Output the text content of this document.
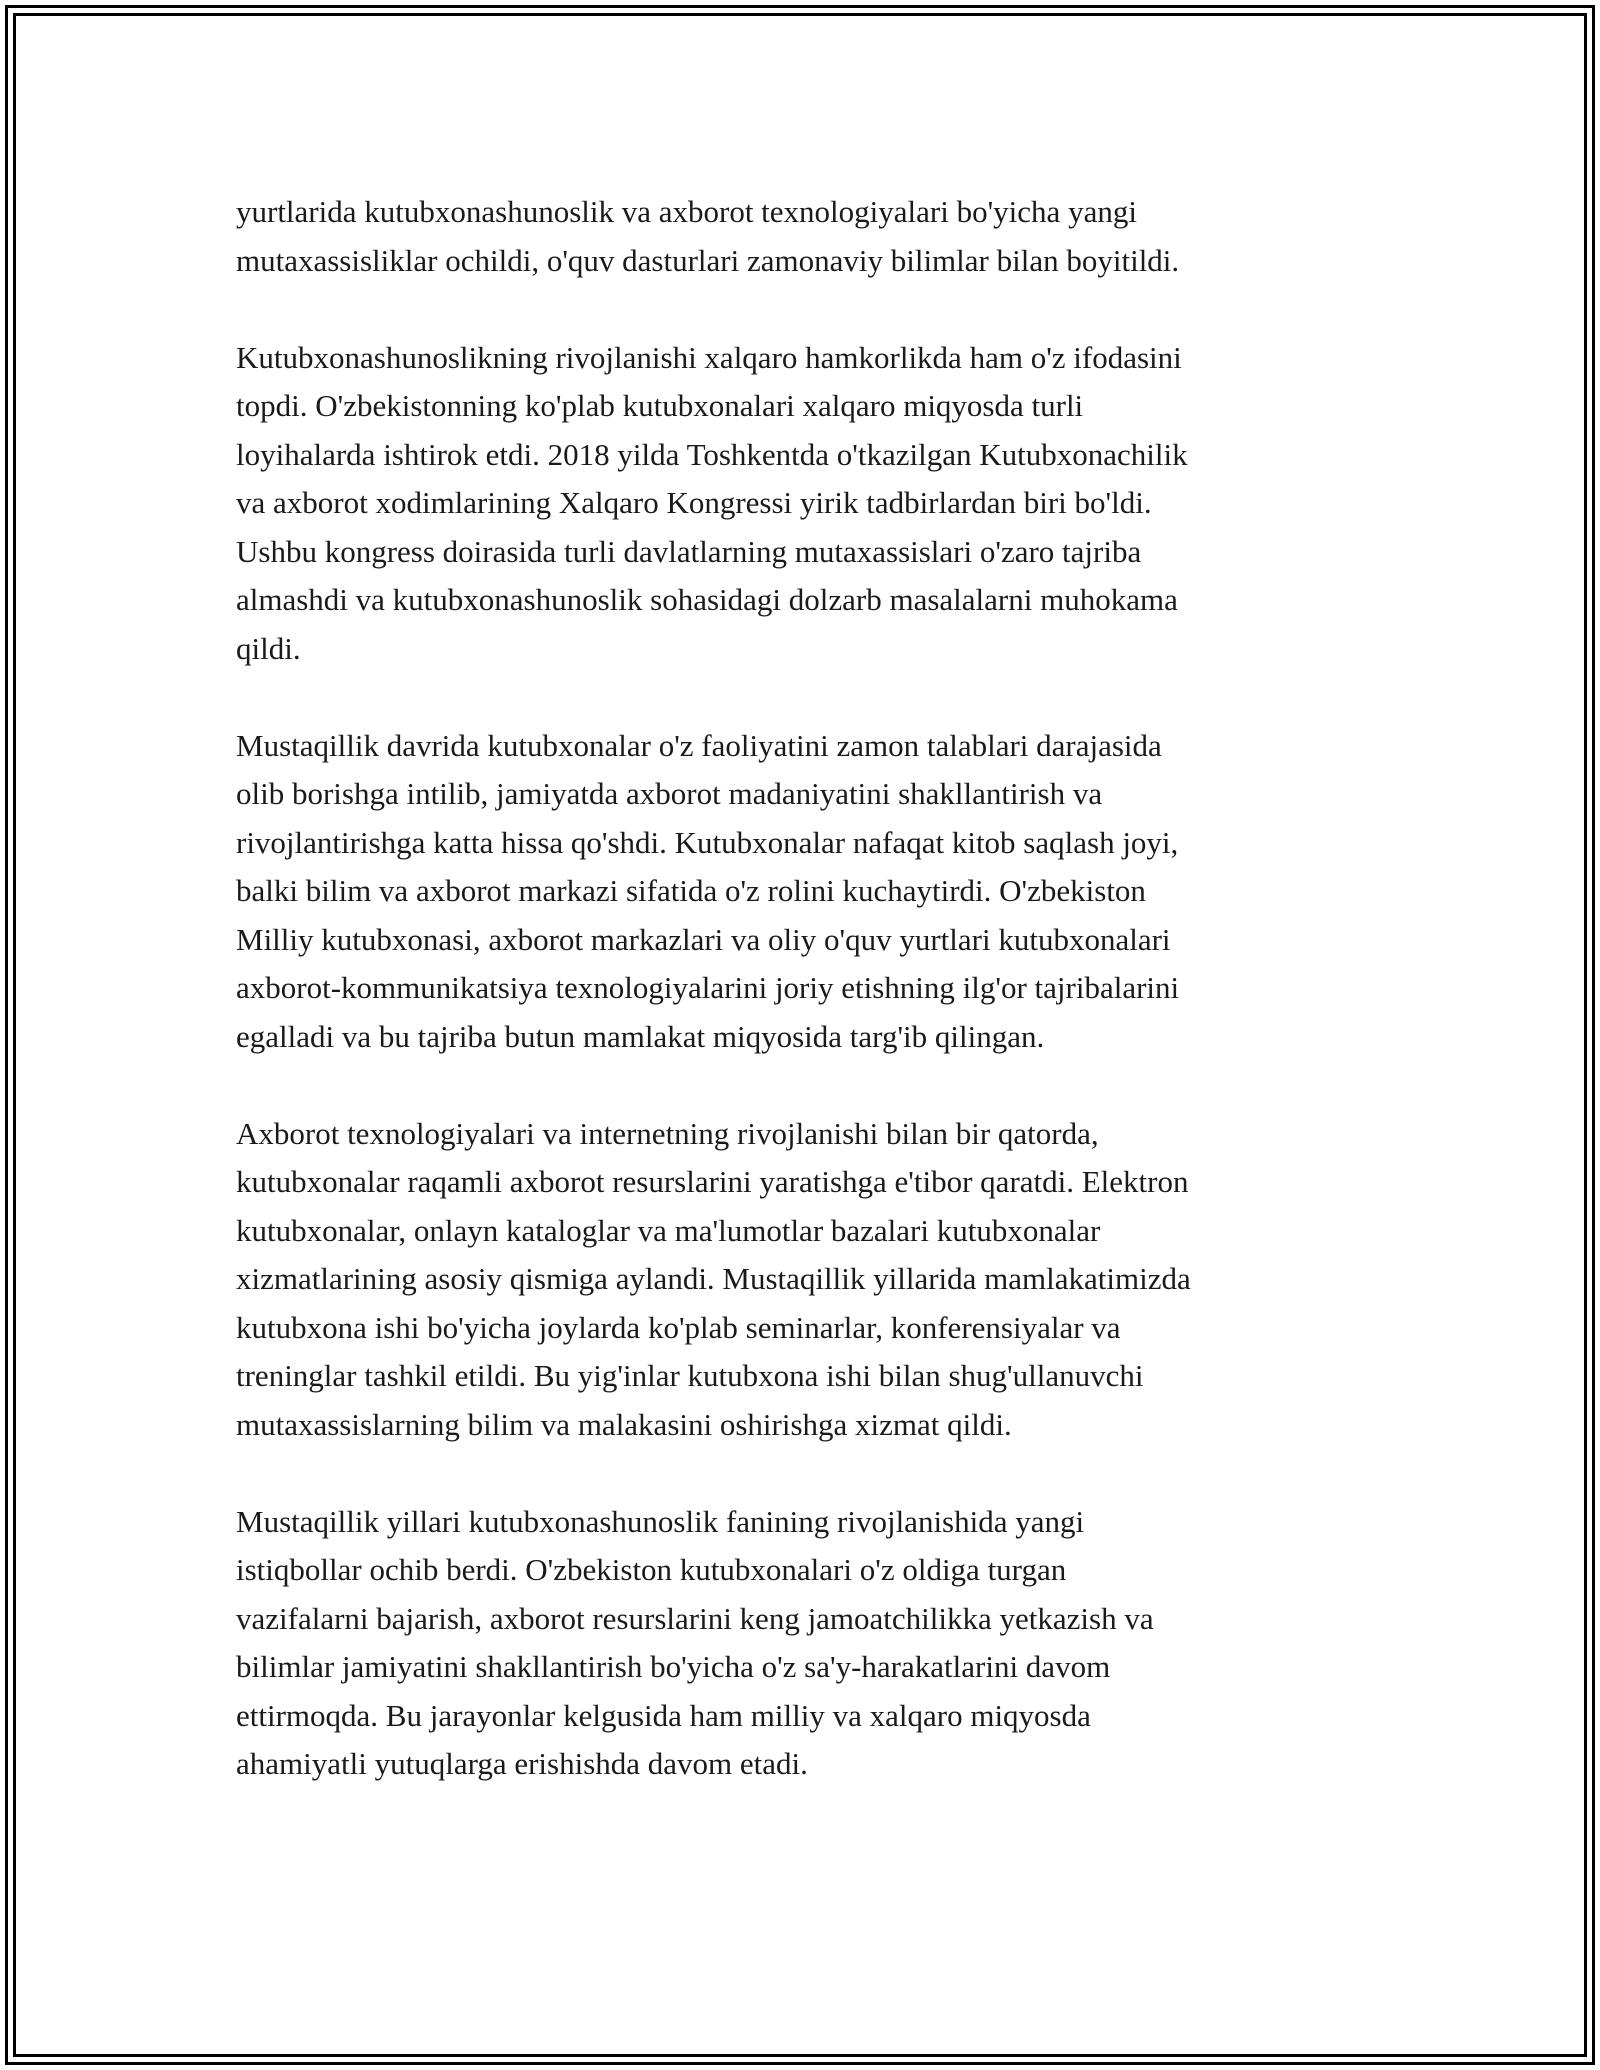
yurtlarida kutubxonashunoslik va axborot texnologiyalari bo'yicha yangi
mutaxassisliklar ochildi, o'quv dasturlari zamonaviy bilimlar bilan boyitildi.

Kutubxonashunoslikning rivojlanishi xalqaro hamkorlikda ham o'z ifodasini
topdi. O'zbekistonning ko'plab kutubxonalari xalqaro miqyosda turli
loyihalarda ishtirok etdi. 2018 yilda Toshkentda o'tkazilgan Kutubxonachilik
va axborot xodimlarining Xalqaro Kongressi yirik tadbirlardan biri bo'ldi.
Ushbu kongress doirasida turli davlatlarning mutaxassislari o'zaro tajriba
almashdi va kutubxonashunoslik sohasidagi dolzarb masalalarni muhokama
qildi.

Mustaqillik davrida kutubxonalar o'z faoliyatini zamon talablari darajasida
olib borishga intilib, jamiyatda axborot madaniyatini shakllantirish va
rivojlantirishga katta hissa qo'shdi. Kutubxonalar nafaqat kitob saqlash joyi,
balki bilim va axborot markazi sifatida o'z rolini kuchaytirdi. O'zbekiston
Milliy kutubxonasi, axborot markazlari va oliy o'quv yurtlari kutubxonalari
axborot-kommunikatsiya texnologiyalarini joriy etishning ilg'or tajribalarini
egalladi va bu tajriba butun mamlakat miqyosida targ'ib qilingan.

Axborot texnologiyalari va internetning rivojlanishi bilan bir qatorda,
kutubxonalar raqamli axborot resurslarini yaratishga e'tibor qaratdi. Elektron
kutubxonalar, onlayn kataloglar va ma'lumotlar bazalari kutubxonalar
xizmatlarining asosiy qismiga aylandi. Mustaqillik yillarida mamlakatimizda
kutubxona ishi bo'yicha joylarda ko'plab seminarlar, konferensiyalar va
treninglar tashkil etildi. Bu yig'inlar kutubxona ishi bilan shug'ullanuvchi
mutaxassislarning bilim va malakasini oshirishga xizmat qildi.

Mustaqillik yillari kutubxonashunoslik fanining rivojlanishida yangi
istiqbollar ochib berdi. O'zbekiston kutubxonalari o'z oldiga turgan
vazifalarni bajarish, axborot resurslarini keng jamoatchilikka yetkazish va
bilimlar jamiyatini shakllantirish bo'yicha o'z sa'y-harakatlarini davom
ettirmoqda. Bu jarayonlar kelgusida ham milliy va xalqaro miqyosda
ahamiyatli yutuqlarga erishishda davom etadi.
